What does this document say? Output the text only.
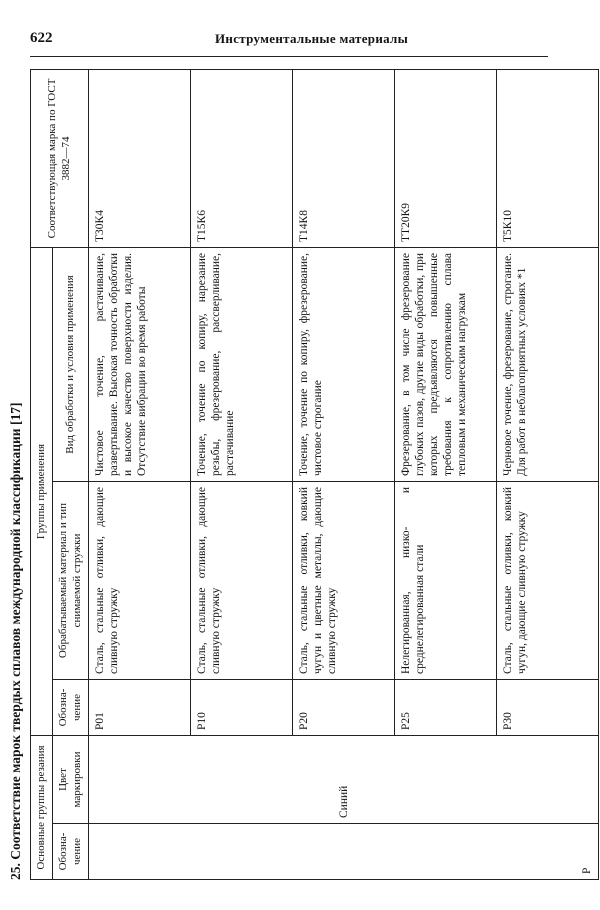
622	Инструментальные материалы
25. Соответствие марок твердых сплавов международной классификации [17] Основные группы резания		Группы применения			Соответствующая марка по ГОСТ 3882—74
Обозна- чение	Цвет маркировки	Обозна- чение	Обрабатываемый материал и тип снимаемой стружки	Вид обработки и условия применения	
Р	Синий	Р01	Сталь, стальные отливки, дающие сливную стружку	Чистовое точение, растачивание, развертывание. Высокая точность обработки и высокое качество поверхности изделия. Отсутствие вибрации во время работы	Т30К4
		Р10	Сталь, стальные отливки, дающие сливную стружку	Точение, точение по копиру, нарезание резьбы, фрезерование, рассверливание, растачивание	Т15К6
		Р20	Сталь, стальные отливки, ковкий чугун и цветные металлы, дающие сливную стружку	Точение, точение по копиру, фрезерование, чистовое строгание	Т14К8
		Р25	Нелегированная, низко- и среднелегированная стали	Фрезерование, в том числе фрезерование глубоких пазов, другие виды обработки, при которых предъявляются повышенные требования к сопротивлению сплава тепловым и механическим нагрузкам	ТТ20К9
		Р30	Сталь, стальные отливки, ковкий чугун, дающие сливную стружку	Черновое точение, фрезерование, строгание. Для работ в неблагоприятных условиях *1	Т5К10
